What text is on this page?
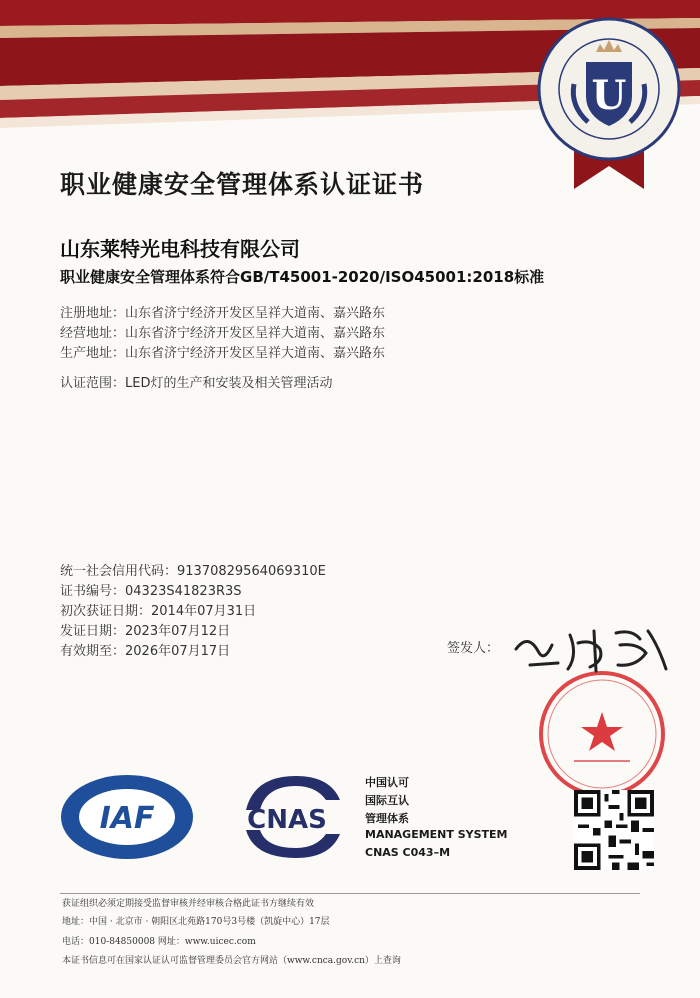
U
职业健康安全管理体系认证证书
山东莱特光电科技有限公司
职业健康安全管理体系符合GB/T45001-2020/ISO45001:2018标准
注册地址：山东省济宁经济开发区呈祥大道南、嘉兴路东
经营地址：山东省济宁经济开发区呈祥大道南、嘉兴路东
生产地址：山东省济宁经济开发区呈祥大道南、嘉兴路东
认证范围：LED灯的生产和安装及相关管理活动
统一社会信用代码：91370829564069310E
证书编号：04323S41823R3S
初次获证日期：2014年07月31日
发证日期：2023年07月12日
有效期至：2026年07月17日	签发人：
IAF	CNAS
中国认可
国际互认
管理体系
MANAGEMENT SYSTEM
CNAS C043–M
获证组织必须定期接受监督审核并经审核合格此证书方继续有效
地址：中国 · 北京市 · 朝阳区北苑路170号3号楼（凯旋中心）17层
电话：010-84850008 网址：www.uicec.com
本证书信息可在国家认证认可监督管理委员会官方网站（www.cnca.gov.cn）上查询
